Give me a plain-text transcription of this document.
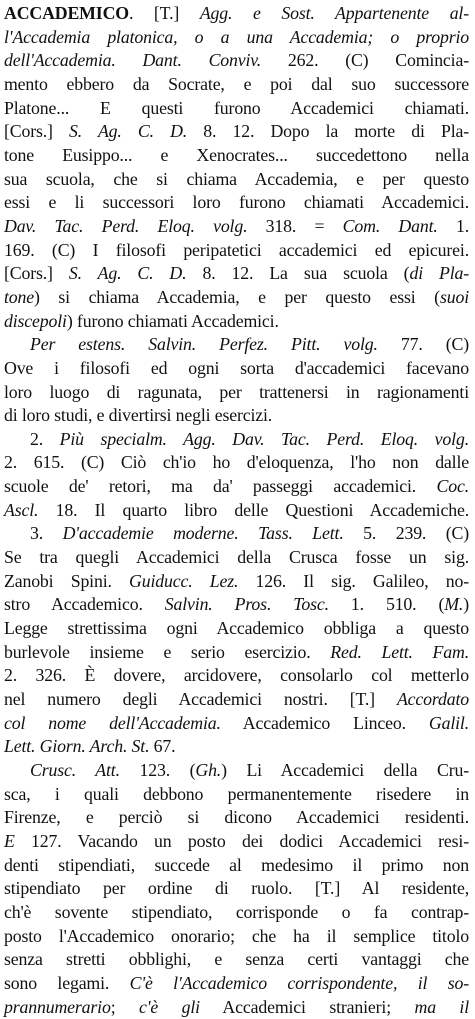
ACCADEMICO. [T.] Agg. e Sost. Appartenente al-
l'Accademia platonica, o a una Accademia; o proprio
dell'Accademia. Dant. Conviv. 262. (C) Comincia-
mento ebbero da Socrate, e poi dal suo successore
Platone... E questi furono Accademici chiamati.
[Cors.] S. Ag. C. D. 8. 12. Dopo la morte di Pla-
tone Eusippo... e Xenocrates... succedettono nella
sua scuola, che si chiama Accademia, e per questo
essi e li successori loro furono chiamati Accademici.
Dav. Tac. Perd. Eloq. volg. 318. = Com. Dant. 1.
169. (C) I filosofi peripatetici accademici ed epicurei.
[Cors.] S. Ag. C. D. 8. 12. La sua scuola (di Pla-
tone) si chiama Accademia, e per questo essi (suoi
discepoli) furono chiamati Accademici.
Per estens. Salvin. Perfez. Pitt. volg. 77. (C)
Ove i filosofi ed ogni sorta d'accademici facevano
loro luogo di ragunata, per trattenersi in ragionamenti
di loro studi, e divertirsi negli esercizi.
2. Più specialm. Agg. Dav. Tac. Perd. Eloq. volg.
2. 615. (C) Ciò ch'io ho d'eloquenza, l'ho non dalle
scuole de' retori, ma da' passeggi accademici. Coc.
Ascl. 18. Il quarto libro delle Questioni Accademiche.
3. D'accademie moderne. Tass. Lett. 5. 239. (C)
Se tra quegli Accademici della Crusca fosse un sig.
Zanobi Spini. Guiducc. Lez. 126. Il sig. Galileo, no-
stro Accademico. Salvin. Pros. Tosc. 1. 510. (M.)
Legge strettissima ogni Accademico obbliga a questo
burlevole insieme e serio esercizio. Red. Lett. Fam.
2. 326. È dovere, arcidovere, consolarlo col metterlo
nel numero degli Accademici nostri. [T.] Accordato
col nome dell'Accademia. Accademico Linceo. Galil.
Lett. Giorn. Arch. St. 67.
Crusc. Att. 123. (Gh.) Li Accademici della Cru-
sca, i quali debbono permanentemente risedere in
Firenze, e perciò si dicono Accademici residenti.
E 127. Vacando un posto dei dodici Accademici resi-
denti stipendiati, succede al medesimo il primo non
stipendiato per ordine di ruolo. [T.] Al residente,
ch'è sovente stipendiato, corrisponde o fa contrap-
posto l'Accademico onorario; che ha il semplice titolo
senza stretti obblighi, e senza certi vantaggi che
sono legami. C'è l'Accademico corrispondente, il so-
prannumerario; c'è gli Accademici stranieri; ma il
